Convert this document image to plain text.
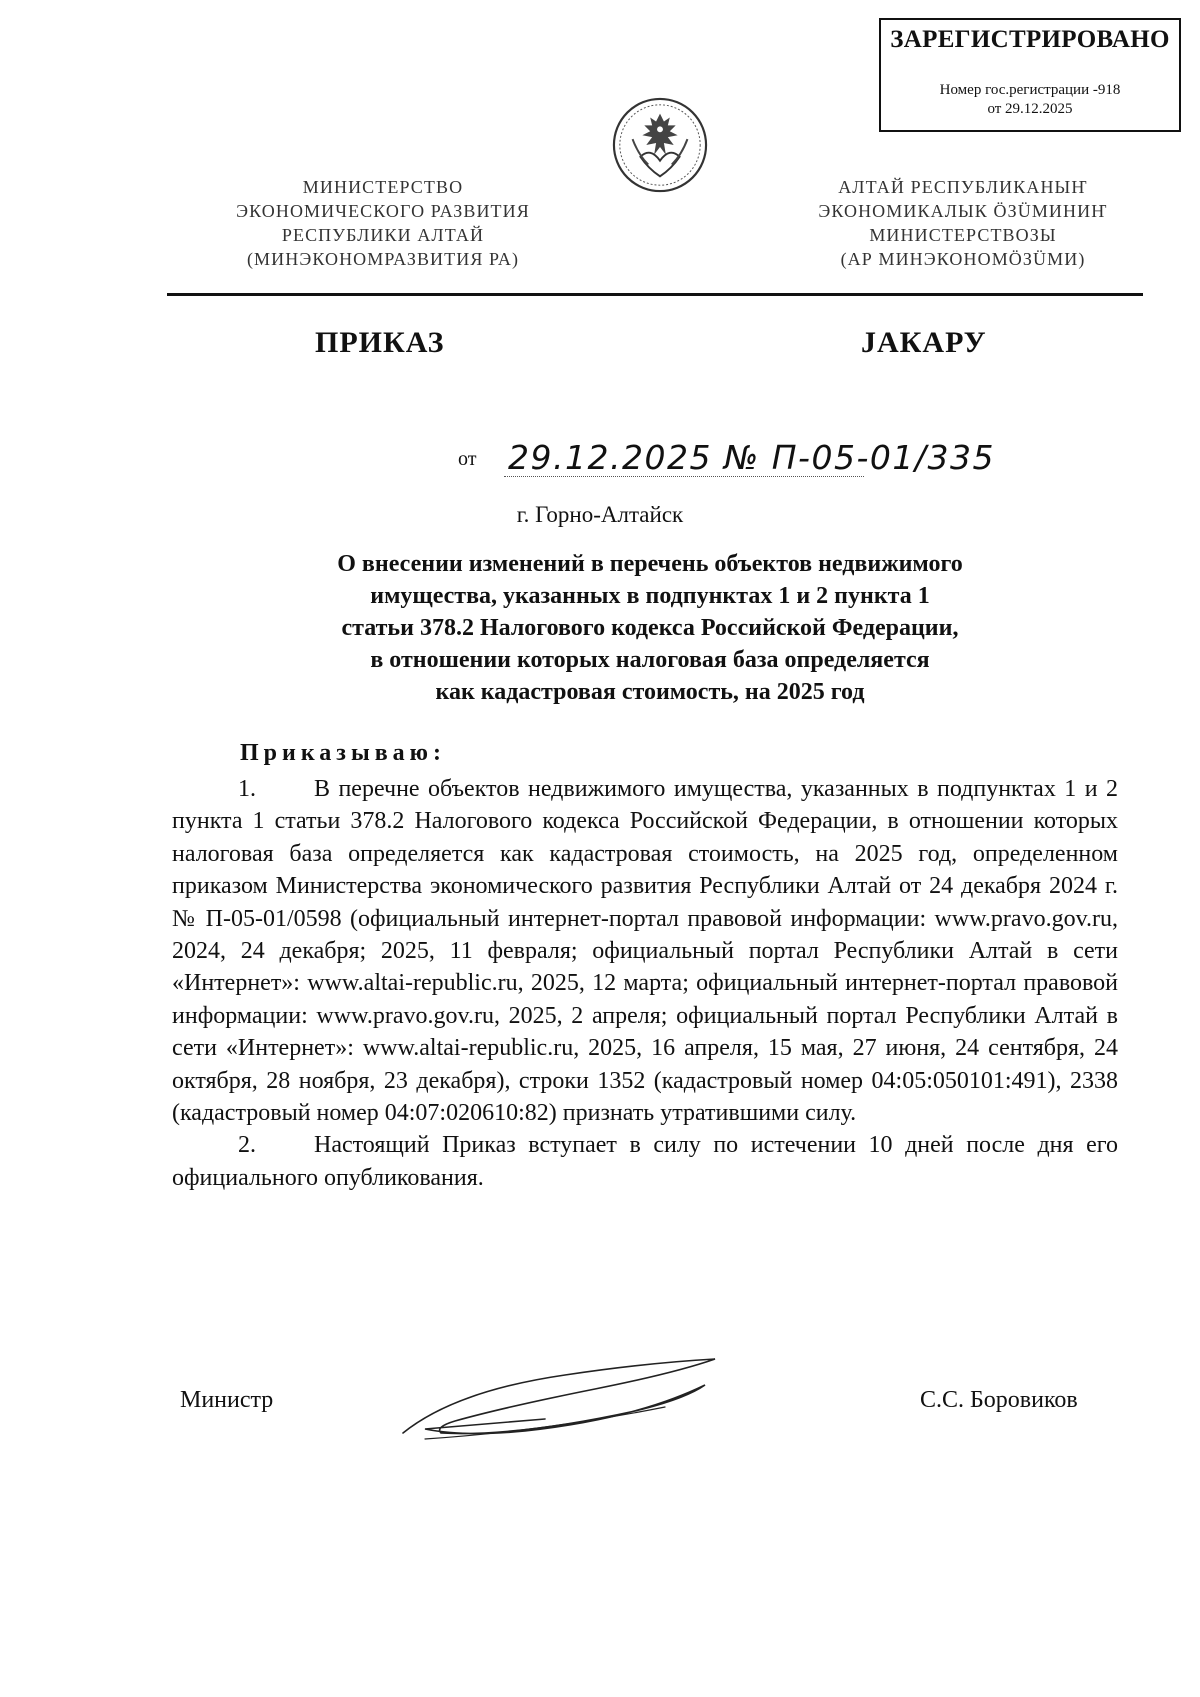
ЗАРЕГИСТРИРОВАНО
Номер гос.регистрации -918
от 29.12.2025
МИНИСТЕРСТВО
ЭКОНОМИЧЕСКОГО РАЗВИТИЯ
РЕСПУБЛИКИ АЛТАЙ
(МИНЭКОНОМРАЗВИТИЯ РА)
АЛТАЙ РЕСПУБЛИКАНЫҤ
ЭКОНОМИКАЛЫК ÖЗÜМИНИҤ
МИНИСТЕРСТВОЗЫ
(АР МИНЭКОНОМÖЗÜМИ)
ПРИКАЗ	JАКАРУ
от 29.12.2025 № П-05-01/335
г. Горно-Алтайск
О внесении изменений в перечень объектов недвижимого
имущества, указанных в подпунктах 1 и 2 пункта 1
статьи 378.2 Налогового кодекса Российской Федерации,
в отношении которых налоговая база определяется
как кадастровая стоимость, на 2025 год
Приказываю:

1. В перечне объектов недвижимого имущества, указанных в подпунктах 1 и 2 пункта 1 статьи 378.2 Налогового кодекса Российской Федерации, в отношении которых налоговая база определяется как кадастровая стоимость, на 2025 год, определенном приказом Министерства экономического развития Республики Алтай от 24 декабря 2024 г. № П-05-01/0598 (официальный интернет-портал правовой информации: www.pravo.gov.ru, 2024, 24 декабря; 2025, 11 февраля; официальный портал Республики Алтай в сети «Интернет»: www.altai-republic.ru, 2025, 12 марта; официальный интернет-портал правовой информации: www.pravo.gov.ru, 2025, 2 апреля; официальный портал Республики Алтай в сети «Интернет»: www.altai-republic.ru, 2025, 16 апреля, 15 мая, 27 июня, 24 сентября, 24 октября, 28 ноября, 23 декабря), строки 1352 (кадастровый номер 04:05:050101:491), 2338 (кадастровый номер 04:07:020610:82) признать утратившими силу.

2. Настоящий Приказ вступает в силу по истечении 10 дней после дня его официального опубликования.

Министр	С.С. Боровиков
